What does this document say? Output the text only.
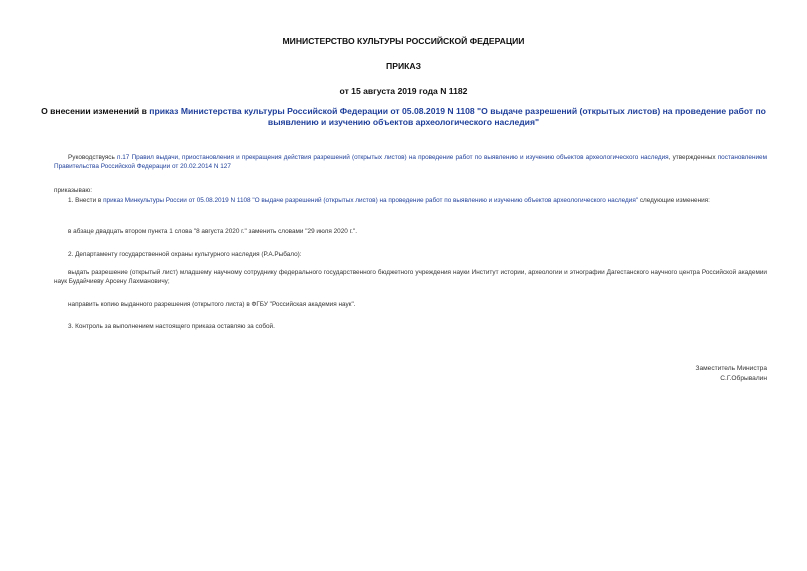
МИНИСТЕРСТВО КУЛЬТУРЫ РОССИЙСКОЙ ФЕДЕРАЦИИ
ПРИКАЗ
от 15 августа 2019 года N 1182
О внесении изменений в приказ Министерства культуры Российской Федерации от 05.08.2019 N 1108 "О выдаче разрешений (открытых листов) на проведение работ по выявлению и изучению объектов археологического наследия"
Руководствуясь п.17 Правил выдачи, приостановления и прекращения действия разрешений (открытых листов) на проведение работ по выявлению и изучению объектов археологического наследия, утвержденных постановлением Правительства Российской Федерации от 20.02.2014 N 127
приказываю:
1. Внести в приказ Минкультуры России от 05.08.2019 N 1108 "О выдаче разрешений (открытых листов) на проведение работ по выявлению и изучению объектов археологического наследия" следующие изменения:
в абзаце двадцать втором пункта 1 слова "8 августа 2020 г." заменить словами "29 июля 2020 г.".
2. Департаменту государственной охраны культурного наследия (Р.А.Рыбало):
выдать разрешение (открытый лист) младшему научному сотруднику федерального государственного бюджетного учреждения науки Институт истории, археологии и этнографии Дагестанского научного центра Российской академии наук Будайчиеву Арсену Лахмановичу;
направить копию выданного разрешения (открытого листа) в ФГБУ "Российская академия наук".
3. Контроль за выполнением настоящего приказа оставляю за собой.
Заместитель Министра
С.Г.Обрывалин
